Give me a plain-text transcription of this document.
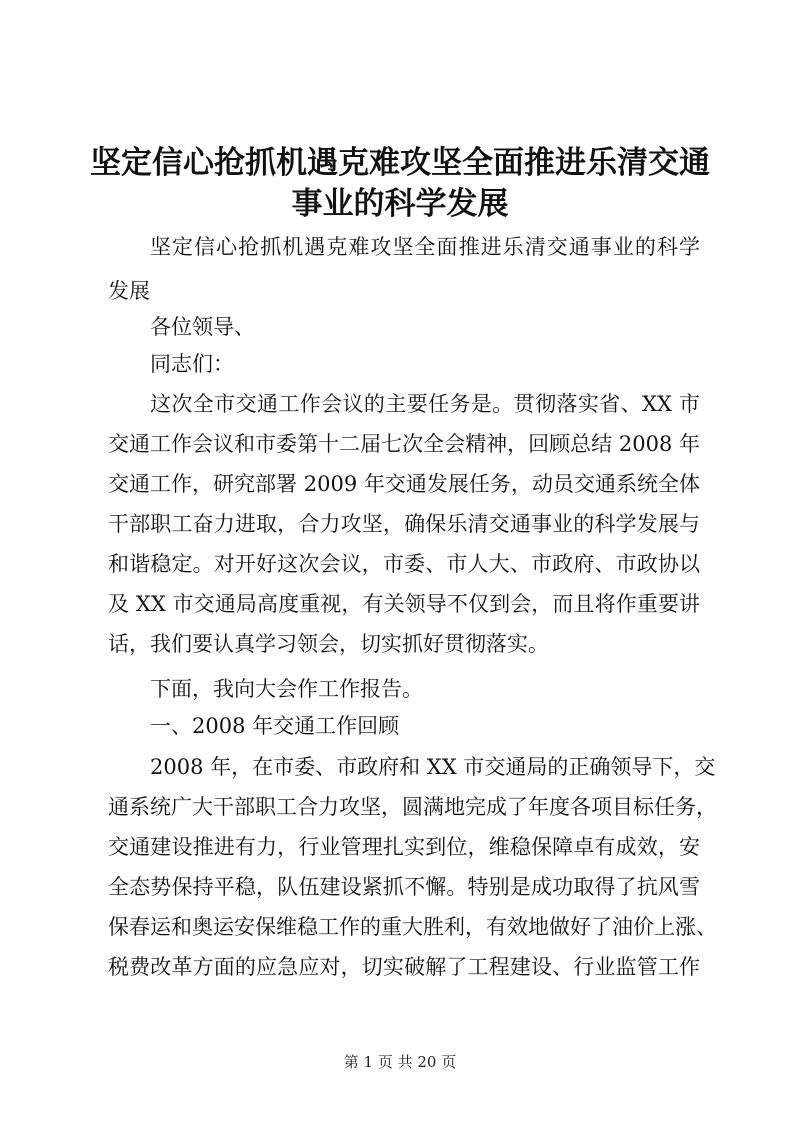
坚定信心抢抓机遇克难攻坚全面推进乐清交通
事业的科学发展
坚定信心抢抓机遇克难攻坚全面推进乐清交通事业的科学
发展
各位领导、
同志们：
这次全市交通工作会议的主要任务是。贯彻落实省、XX 市
交通工作会议和市委第十二届七次全会精神，回顾总结 2008 年
交通工作，研究部署 2009 年交通发展任务，动员交通系统全体
干部职工奋力进取，合力攻坚，确保乐清交通事业的科学发展与
和谐稳定。对开好这次会议，市委、市人大、市政府、市政协以
及 XX 市交通局高度重视，有关领导不仅到会，而且将作重要讲
话，我们要认真学习领会，切实抓好贯彻落实。
下面，我向大会作工作报告。
一、2008 年交通工作回顾
2008 年，在市委、市政府和 XX 市交通局的正确领导下，交
通系统广大干部职工合力攻坚，圆满地完成了年度各项目标任务，
交通建设推进有力，行业管理扎实到位，维稳保障卓有成效，安
全态势保持平稳，队伍建设紧抓不懈。特别是成功取得了抗风雪
保春运和奥运安保维稳工作的重大胜利，有效地做好了油价上涨、
税费改革方面的应急应对，切实破解了工程建设、行业监管工作
第 1 页 共 20 页
